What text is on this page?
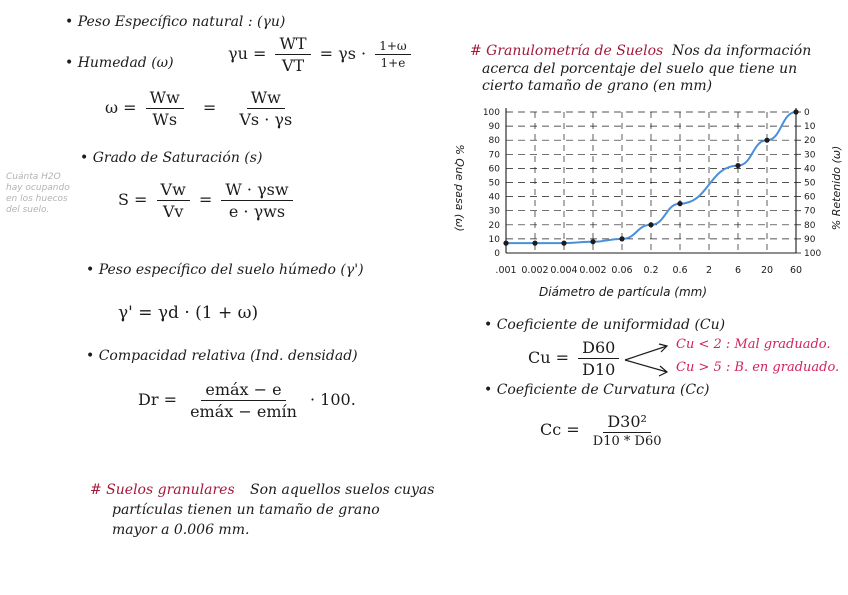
• Peso Específico natural : (γu)
$\gamma u = \frac{WT}{VT} = \gamma s \cdot \frac{1+\omega}{1+e}$
• Humedad (ω)
$\omega = \frac{Ww}{Ws} = \frac{Ww}{Vs \cdot \gamma s}$
• Grado de Saturación (s)
Cuánta H2O
hay ocupando
en los huecos
del suelo.
$S = \frac{Vw}{Vv} = \frac{\text{W · γsw}}{\text{e · γws}}$
• Peso específico del suelo húmedo (γ')
γ' = γd · (1 + ω)
• Compacidad relativa (Ind. densidad)
$Dr = \frac{\text{emáx − e}}{\text{emáx − emín}} \cdot 100$.
# Suelos granulares Son aquellos suelos cuyas
partículas tienen un tamaño de grano
mayor a 0.006 mm.
# Granulometría de Suelos Nos da información
acerca del porcentaje del suelo que tiene un
cierto tamaño de grano (en mm)
0	100
10	90
20	80
30	70
40	60
50	50
60	40
70	30
80	20
90	10
100	0
.001 0.002 0.004 0.002 0.06 0.2 0.6 2 6 20 60
Diámetro de partícula (mm)
% Que pasa (ω)	% Retenido (ω)
• Coeficiente de uniformidad (Cu)
$Cu = \frac{D60}{D10}$	Cu < 2 : Mal graduado.
Cu > 5 : B. en graduado.
• Coeficiente de Curvatura (Cc)
$Cc = \frac{\text{D30²}}{D10 * D60}$
